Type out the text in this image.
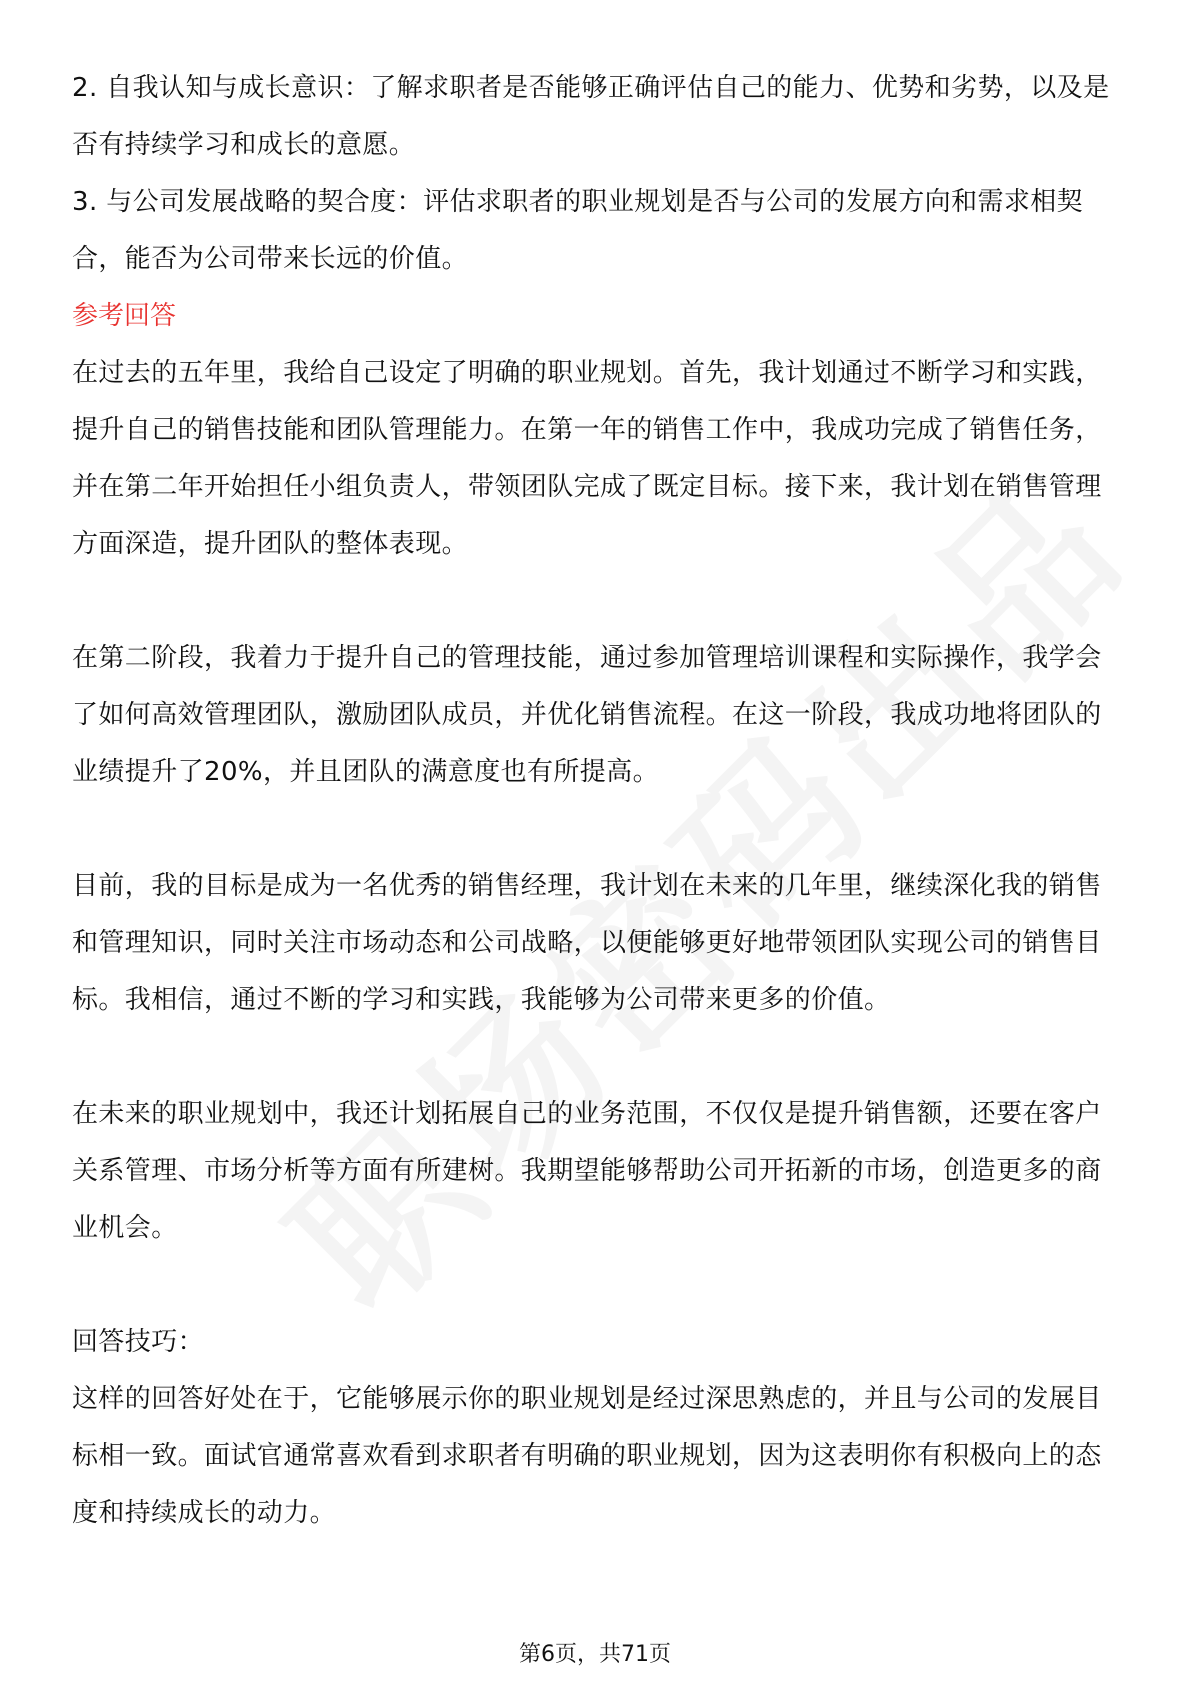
2. 自我认知与成长意识：了解求职者是否能够正确评估自己的能力、优势和劣势，以及是否有持续学习和成长的意愿。

3. 与公司发展战略的契合度：评估求职者的职业规划是否与公司的发展方向和需求相契合，能否为公司带来长远的价值。

参考回答

在过去的五年里，我给自己设定了明确的职业规划。首先，我计划通过不断学习和实践，提升自己的销售技能和团队管理能力。在第一年的销售工作中，我成功完成了销售任务，并在第二年开始担任小组负责人，带领团队完成了既定目标。接下来，我计划在销售管理方面深造，提升团队的整体表现。

在第二阶段，我着力于提升自己的管理技能，通过参加管理培训课程和实际操作，我学会了如何高效管理团队，激励团队成员，并优化销售流程。在这一阶段，我成功地将团队的业绩提升了20%，并且团队的满意度也有所提高。

目前，我的目标是成为一名优秀的销售经理，我计划在未来的几年里，继续深化我的销售和管理知识，同时关注市场动态和公司战略，以便能够更好地带领团队实现公司的销售目标。我相信，通过不断的学习和实践，我能够为公司带来更多的价值。

在未来的职业规划中，我还计划拓展自己的业务范围，不仅仅是提升销售额，还要在客户关系管理、市场分析等方面有所建树。我期望能够帮助公司开拓新的市场，创造更多的商业机会。

回答技巧：

这样的回答好处在于，它能够展示你的职业规划是经过深思熟虑的，并且与公司的发展目标相一致。面试官通常喜欢看到求职者有明确的职业规划，因为这表明你有积极向上的态度和持续成长的动力。

第6页，共71页
